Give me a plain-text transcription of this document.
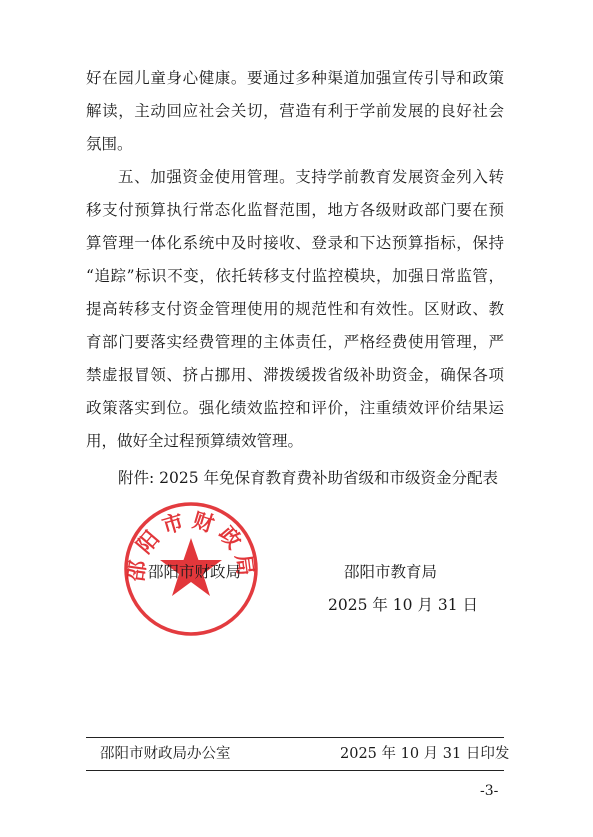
好在园儿童身心健康。要通过多种渠道加强宣传引导和政策
解读，主动回应社会关切，营造有利于学前发展的良好社会
氛围。
五、加强资金使用管理。支持学前教育发展资金列入转
移支付预算执行常态化监督范围，地方各级财政部门要在预
算管理一体化系统中及时接收、登录和下达预算指标，保持
“追踪”标识不变，依托转移支付监控模块，加强日常监管，
提高转移支付资金管理使用的规范性和有效性。区财政、教
育部门要落实经费管理的主体责任，严格经费使用管理，严
禁虚报冒领、挤占挪用、滞拨缓拨省级补助资金，确保各项
政策落实到位。强化绩效监控和评价，注重绩效评价结果运
用，做好全过程预算绩效管理。
附件: 2025 年免保育教育费补助省级和市级资金分配表
邵阳市财政局
邵阳市财政局	邵阳市教育局
2025 年 10 月 31 日
邵阳市财政局办公室	2025 年 10 月 31 日印发
-3-
